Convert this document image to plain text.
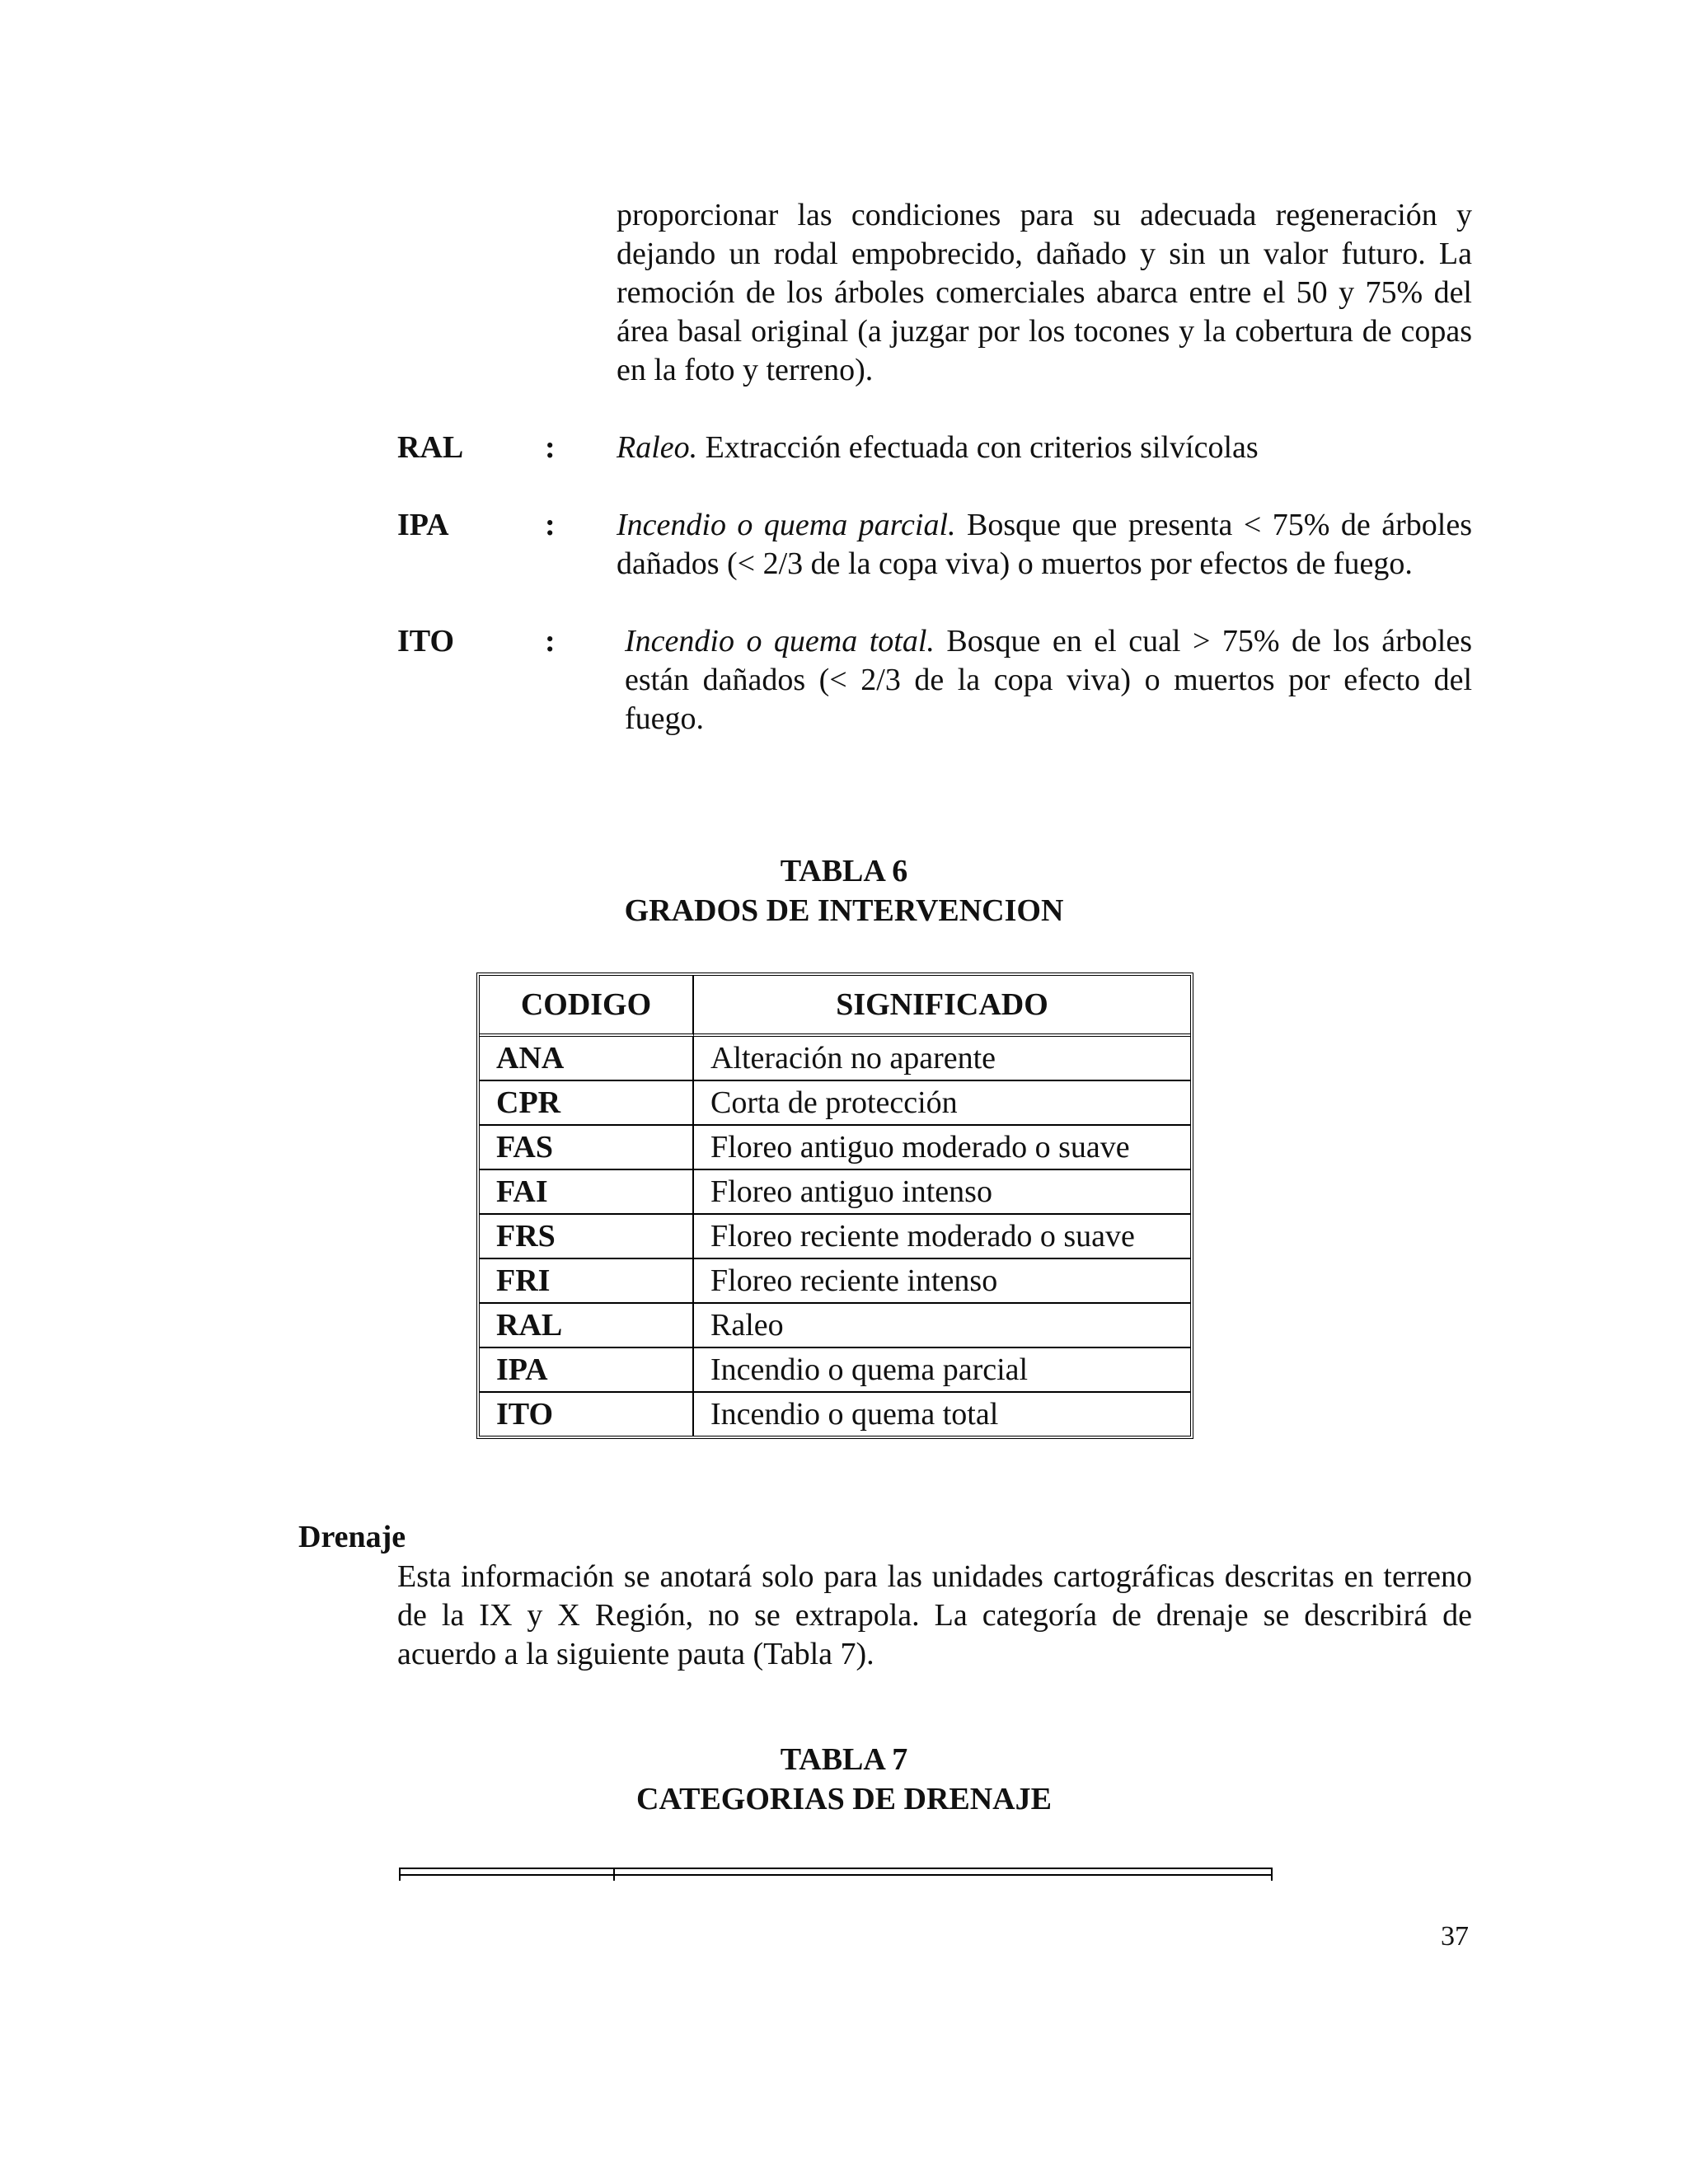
proporcionar las condiciones para su adecuada regeneración y dejando un rodal empobrecido, dañado y sin un valor futuro. La remoción de los árboles comerciales abarca entre el 50 y 75% del área basal original (a juzgar por los tocones y la cobertura de copas en la foto y terreno).

RAL	: Raleo. Extracción efectuada con criterios silvícolas
IPA	: Incendio o quema parcial. Bosque que presenta < 75% de árboles dañados (< 2/3 de la copa viva) o muertos por efectos de fuego.
ITO	: Incendio o quema total. Bosque en el cual > 75% de los árboles están dañados (< 2/3 de la copa viva) o muertos por efecto del fuego.
TABLA 6
GRADOS DE INTERVENCION
CODIGO	SIGNIFICADO
ANA	Alteración no aparente
CPR	Corta de protección
FAS	Floreo antiguo moderado o suave
FAI	Floreo antiguo intenso
FRS	Floreo reciente moderado o suave
FRI	Floreo reciente intenso
RAL	Raleo
IPA	Incendio o quema parcial
ITO	Incendio o quema total
Drenaje

Esta información se anotará solo para las unidades cartográficas descritas en terreno de la IX y X Región, no se extrapola. La categoría de drenaje se describirá de acuerdo a la siguiente pauta (Tabla 7).

TABLA 7
CATEGORIAS DE DRENAJE
37
